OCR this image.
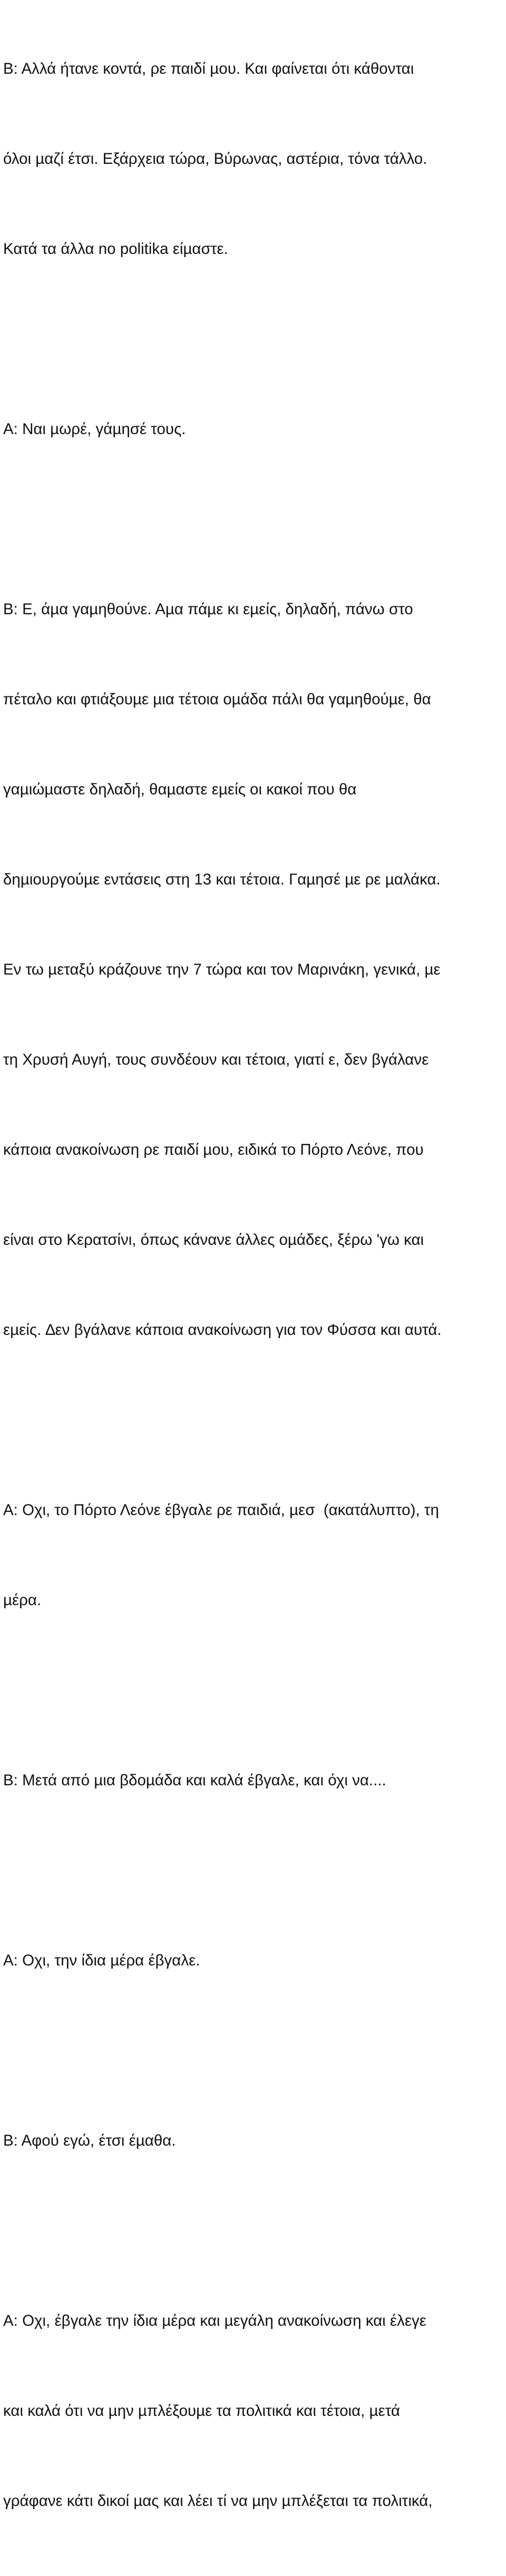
Β: Αλλά ήτανε κοντά, ρε παιδί µου. Και φαίνεται ότι κάθονται

όλοι µαζί έτσι. Εξάρχεια τώρα, Βύρωνας, αστέρια, τόνα τάλλο.

Κατά τα άλλα no politika είµαστε.

Α: Ναι µωρέ, γάµησέ τους.

Β: Ε, άµα γαµηθούνε. Αµα πάµε κι εµείς, δηλαδή, πάνω στο

πέταλο και φτιάξουµε µια τέτοια οµάδα πάλι θα γαµηθούµε, θα

γαµιώµαστε δηλαδή, θαµαστε εµείς οι κακοί που θα

δηµιουργούµε εντάσεις στη 13 και τέτοια. Γαµησέ µε ρε µαλάκα.

Εν τω µεταξύ κράζουνε την 7 τώρα και τον Μαρινάκη, γενικά, µε

τη Χρυσή Αυγή, τους συνδέουν και τέτοια, γιατί ε, δεν βγάλανε

κάποια ανακοίνωση ρε παιδί µου, ειδικά το Πόρτο Λεόνε, που

είναι στο Κερατσίνι, όπως κάνανε άλλες οµάδες, ξέρω 'γω και

εµείς. ∆εν βγάλανε κάποια ανακοίνωση για τον Φύσσα και αυτά.

Α: Οχι, το Πόρτο Λεόνε έβγαλε ρε παιδιά, µεσ  (ακατάλυπτο), τη

µέρα.

Β: Μετά από µια βδοµάδα και καλά έβγαλε, και όχι να....

Α: Οχι, την ίδια µέρα έβγαλε.

Β: Αφού εγώ, έτσι έµαθα.

Α: Οχι, έβγαλε την ίδια µέρα και µεγάλη ανακοίνωση και έλεγε

και καλά ότι να µην µπλέξουµε τα πολιτικά και τέτοια, µετά

γράφανε κάτι δικοί µας και λέει τί να µην µπλέξεται τα πολιτικά,
